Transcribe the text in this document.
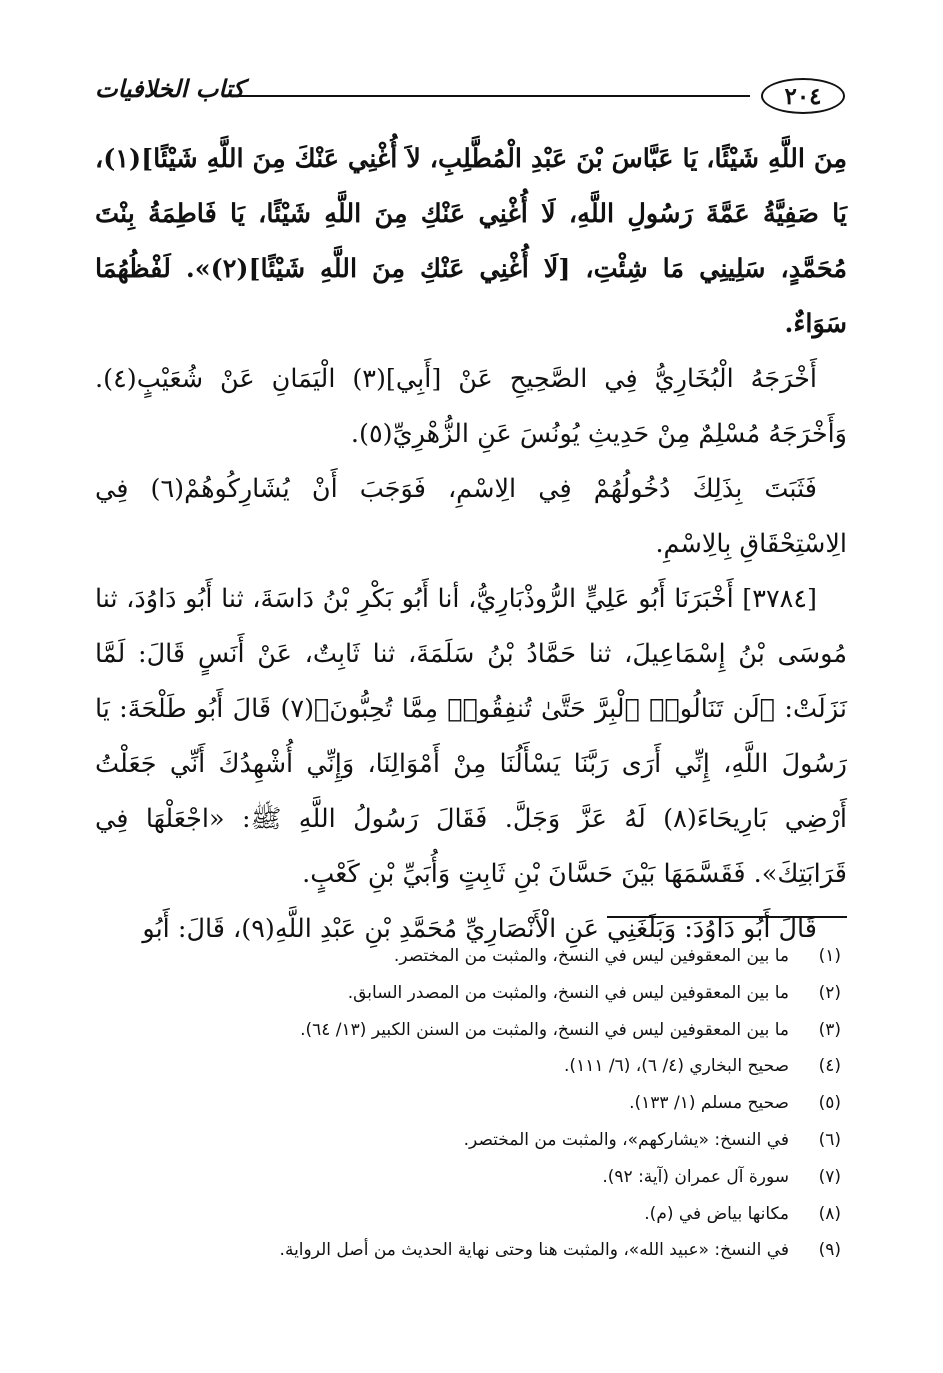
٢٠٤
كتاب الخلافيات

مِنَ اللَّهِ شَيْئًا، يَا عَبَّاسَ بْنَ عَبْدِ الْمُطَّلِبِ، لاَ أُغْنِي عَنْكَ مِنَ اللَّهِ شَيْئًا](١)، يَا صَفِيَّةُ عَمَّةَ رَسُولِ اللَّهِ، لَا أُغْنِي عَنْكِ مِنَ اللَّهِ شَيْئًا، يَا فَاطِمَةُ بِنْتَ مُحَمَّدٍ، سَلِينِي مَا شِئْتِ، [لَا أُغْنِي عَنْكِ مِنَ اللَّهِ شَيْئًا](٢)». لَفْظُهُمَا سَوَاءٌ.

أَخْرَجَهُ الْبُخَارِيُّ فِي الصَّحِيحِ عَنْ [أَبِي](٣) الْيَمَانِ عَنْ شُعَيْبٍ(٤). وَأَخْرَجَهُ مُسْلِمٌ مِنْ حَدِيثِ يُونُسَ عَنِ الزُّهْرِيِّ(٥).

فَثَبَتَ بِذَلِكَ دُخُولُهُمْ فِي الِاسْمِ، فَوَجَبَ أَنْ يُشَارِكُوهُمْ(٦) فِي الِاسْتِحْقَاقِ بِالِاسْمِ.

[٣٧٨٤] أَخْبَرَنَا أَبُو عَلِيٍّ الرُّوذْبَارِيُّ، أنا أَبُو بَكْرِ بْنُ دَاسَةَ، ثنا أَبُو دَاوُدَ، ثنا مُوسَى بْنُ إِسْمَاعِيلَ، ثنا حَمَّادُ بْنُ سَلَمَةَ، ثنا ثَابِتٌ، عَنْ أَنَسٍ قَالَ: لَمَّا نَزَلَتْ: ﴿لَن تَنَالُوا۟ ٱلْبِرَّ حَتَّىٰ تُنفِقُوا۟ مِمَّا تُحِبُّونَ﴾(٧) قَالَ أَبُو طَلْحَةَ: يَا رَسُولَ اللَّهِ، إِنِّي أَرَى رَبَّنَا يَسْأَلُنَا مِنْ أَمْوَالِنَا، وَإِنِّي أُشْهِدُكَ أَنِّي جَعَلْتُ أَرْضِي بَارِيحَاءَ(٨) لَهُ عَزَّ وَجَلَّ. فَقَالَ رَسُولُ اللَّهِ ﷺ: «اجْعَلْهَا فِي قَرَابَتِكَ». فَقَسَّمَهَا بَيْنَ حَسَّانَ بْنِ ثَابِتٍ وَأُبَيِّ بْنِ كَعْبٍ.

قَالَ أَبُو دَاوُدَ: وَبَلَغَنِي عَنِ الْأَنْصَارِيِّ مُحَمَّدِ بْنِ عَبْدِ اللَّهِ(٩)، قَالَ: أَبُو

(١)
ما بين المعقوفين ليس في النسخ، والمثبت من المختصر.
(٢)
ما بين المعقوفين ليس في النسخ، والمثبت من المصدر السابق.
(٣)
ما بين المعقوفين ليس في النسخ، والمثبت من السنن الكبير (١٣/ ٦٤).
(٤)
صحيح البخاري (٤/ ٦)، (٦/ ١١١).
(٥)
صحيح مسلم (١/ ١٣٣).
(٦)
في النسخ: «يشاركهم»، والمثبت من المختصر.
(٧)
سورة آل عمران (آية: ٩٢).
(٨)
مكانها بياض في (م).
(٩)
في النسخ: «عبيد الله»، والمثبت هنا وحتى نهاية الحديث من أصل الرواية.
